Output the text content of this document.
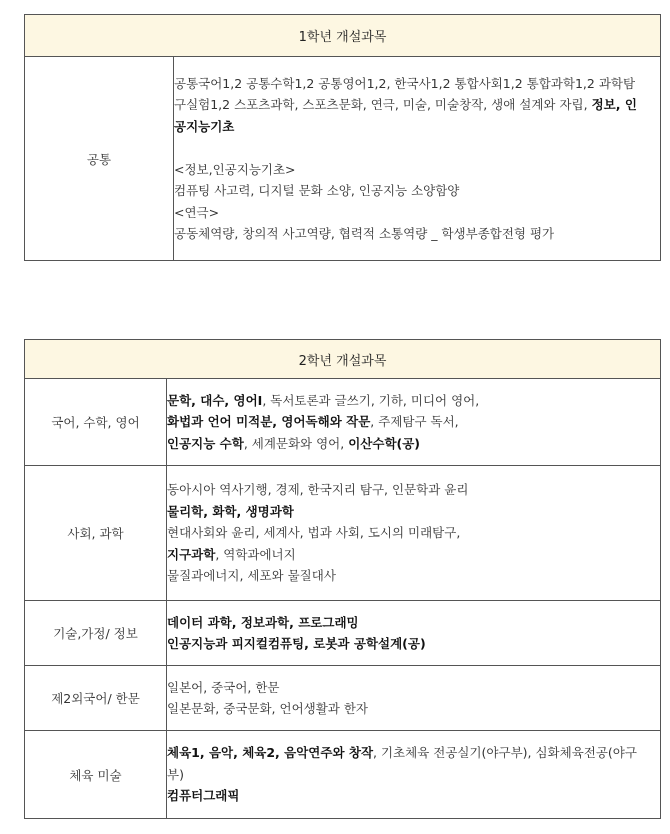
1학년 개설과목
공통	
공통국어1,2 공통수학1,2 공통영어1,2, 한국사1,2 통합사회1,2 통합과학1,2 과학탐
구실험1,2 스포츠과학, 스포츠문화, 연극, 미술, 미술창작, 생애 설계와 자립, 정보, 인
공지능기초

<정보,인공지능기초>
컴퓨팅 사고력, 디지털 문화 소양, 인공지능 소양함양
<연극>
공동체역량, 창의적 사고역량, 협력적 소통역량 _ 학생부종합전형 평가
2학년 개설과목	
국어, 수학, 영어	문학, 대수, 영어Ⅰ, 독서토론과 글쓰기, 기하, 미디어 영어,
화법과 언어 미적분, 영어독해와 작문, 주제탐구 독서,
인공지능 수학, 세계문화와 영어, 이산수학(공)

사회, 과학	동아시아 역사기행, 경제, 한국지리 탐구, 인문학과 윤리
물리학, 화학, 생명과학
현대사회와 윤리, 세계사, 법과 사회, 도시의 미래탐구,
지구과학, 역학과에너지
물질과에너지, 세포와 물질대사

기술,가정/ 정보	데이터 과학, 정보과학, 프로그래밍
인공지능과 피지컬컴퓨팅, 로봇과 공학설계(공)

제2외국어/ 한문	일본어, 중국어, 한문
일본문화, 중국문화, 언어생활과 한자

체육 미술	체육1, 음악, 체육2, 음악연주와 창작, 기초체육 전공실기(야구부), 심화체육전공(야구
부)
컴퓨터그래픽
